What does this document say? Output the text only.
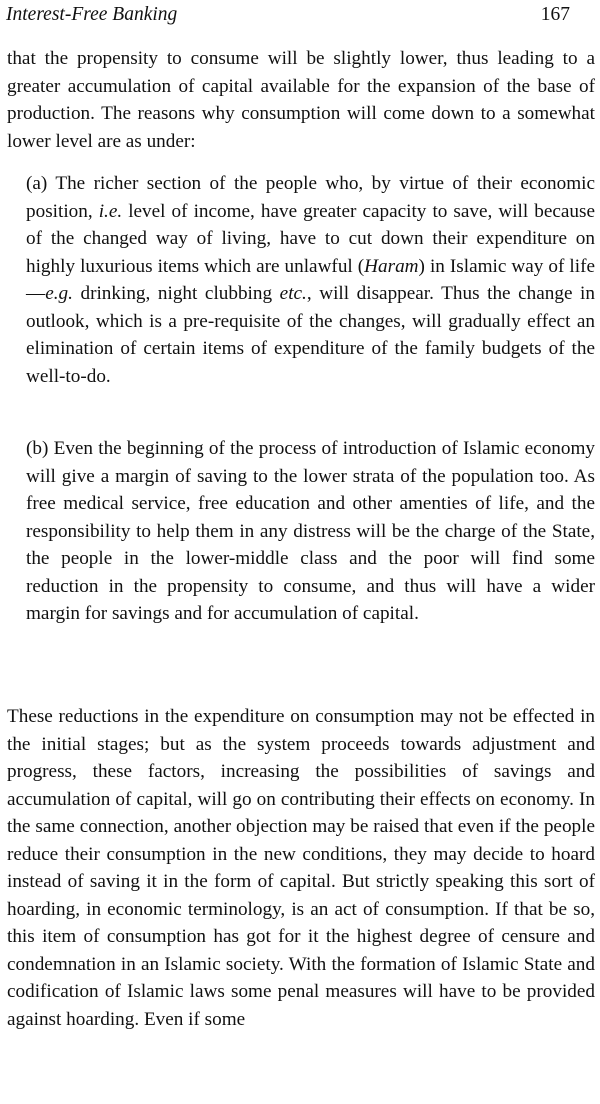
Interest-Free Banking	167

that the propensity to consume will be slightly lower, thus leading to a greater accumulation of capital available for the expansion of the base of production. The reasons why consumption will come down to a somewhat lower level are as under:

(a) The richer section of the people who, by virtue of their economic position, i.e. level of income, have greater capacity to save, will because of the changed way of living, have to cut down their expenditure on highly luxurious items which are unlawful (Haram) in Islamic way of life—e.g. drinking, night clubbing etc., will disappear. Thus the change in outlook, which is a pre-requisite of the changes, will gradually effect an elimination of certain items of expenditure of the family budgets of the well-to-do.

(b) Even the beginning of the process of introduction of Islamic economy will give a margin of saving to the lower strata of the population too. As free medical service, free education and other amenties of life, and the responsibility to help them in any distress will be the charge of the State, the people in the lower-middle class and the poor will find some reduction in the propensity to consume, and thus will have a wider margin for savings and for accumulation of capital.

These reductions in the expenditure on consumption may not be effected in the initial stages; but as the system proceeds towards adjustment and progress, these factors, increasing the possibilities of savings and accumulation of capital, will go on contributing their effects on economy. In the same connection, another objection may be raised that even if the people reduce their consumption in the new conditions, they may decide to hoard instead of saving it in the form of capital. But strictly speaking this sort of hoarding, in economic terminology, is an act of consumption. If that be so, this item of consumption has got for it the highest degree of censure and condemnation in an Islamic society. With the formation of Islamic State and codification of Islamic laws some penal measures will have to be provided against hoarding. Even if some
